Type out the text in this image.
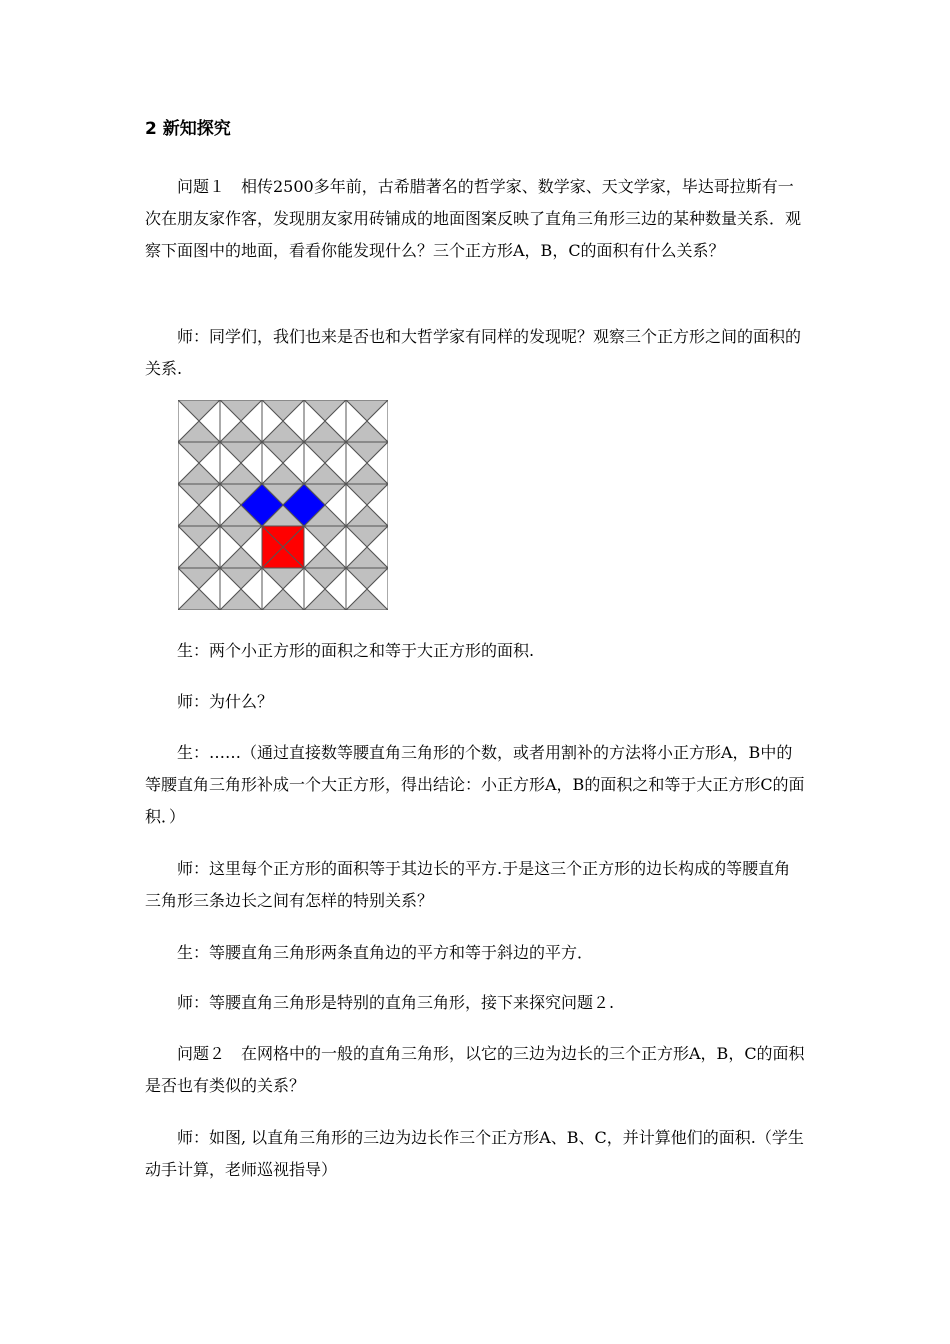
2 新知探究
问题１　相传2500多年前，古希腊著名的哲学家、数学家、天文学家，毕达哥拉斯有一次在朋友家作客，发现朋友家用砖铺成的地面图案反映了直角三角形三边的某种数量关系．观察下面图中的地面，看看你能发现什么？三个正方形A，B，C的面积有什么关系？
师：同学们，我们也来是否也和大哲学家有同样的发现呢？观察三个正方形之间的面积的关系.
生：两个小正方形的面积之和等于大正方形的面积.
师：为什么？
生：……（通过直接数等腰直角三角形的个数，或者用割补的方法将小正方形A，B中的等腰直角三角形补成一个大正方形，得出结论：小正方形A，B的面积之和等于大正方形C的面积．）
师：这里每个正方形的面积等于其边长的平方.于是这三个正方形的边长构成的等腰直角三角形三条边长之间有怎样的特别关系？
生：等腰直角三角形两条直角边的平方和等于斜边的平方．
师：等腰直角三角形是特别的直角三角形，接下来探究问题２.
问题２　在网格中的一般的直角三角形，以它的三边为边长的三个正方形A，B，C的面积是否也有类似的关系？
师：如图, 以直角三角形的三边为边长作三个正方形A、B、C，并计算他们的面积.（学生动手计算，老师巡视指导）
